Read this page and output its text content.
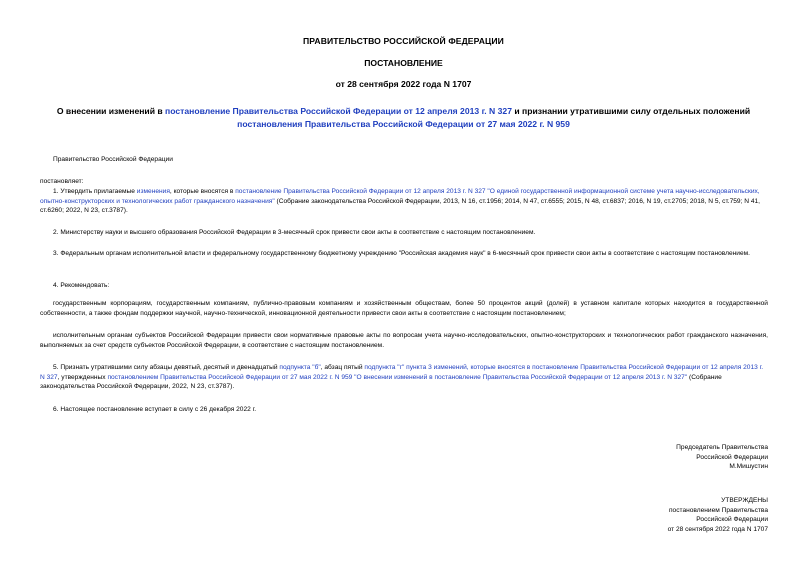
ПРАВИТЕЛЬСТВО РОССИЙСКОЙ ФЕДЕРАЦИИ
ПОСТАНОВЛЕНИЕ
от 28 сентября 2022 года N 1707
О внесении изменений в постановление Правительства Российской Федерации от 12 апреля 2013 г. N 327 и признании утратившими силу отдельных положений постановления Правительства Российской Федерации от 27 мая 2022 г. N 959
Правительство Российской Федерации
постановляет:
1. Утвердить прилагаемые изменения, которые вносятся в постановление Правительства Российской Федерации от 12 апреля 2013 г. N 327 "О единой государственной информационной системе учета научно-исследовательских, опытно-конструкторских и технологических работ гражданского назначения" (Собрание законодательства Российской Федерации, 2013, N 16, ст.1956; 2014, N 47, ст.6555; 2015, N 48, ст.6837; 2016, N 19, ст.2705; 2018, N 5, ст.759; N 41, ст.6260; 2022, N 23, ст.3787).
2. Министерству науки и высшего образования Российской Федерации в 3-месячный срок привести свои акты в соответствие с настоящим постановлением.
3. Федеральным органам исполнительной власти и федеральному государственному бюджетному учреждению "Российская академия наук" в 6-месячный срок привести свои акты в соответствие с настоящим постановлением.
4. Рекомендовать:
государственным корпорациям, государственным компаниям, публично-правовым компаниям и хозяйственным обществам, более 50 процентов акций (долей) в уставном капитале которых находится в государственной собственности, а также фондам поддержки научной, научно-технической, инновационной деятельности привести свои акты в соответствие с настоящим постановлением;
исполнительным органам субъектов Российской Федерации привести свои нормативные правовые акты по вопросам учета научно-исследовательских, опытно-конструкторских и технологических работ гражданского назначения, выполняемых за счет средств субъектов Российской Федерации, в соответствие с настоящим постановлением.
5. Признать утратившими силу абзацы девятый, десятый и двенадцатый подпункта "б", абзац пятый подпункта "г" пункта 3 изменений, которые вносятся в постановление Правительства Российской Федерации от 12 апреля 2013 г. N 327, утвержденных постановлением Правительства Российской Федерации от 27 мая 2022 г. N 959 "О внесении изменений в постановление Правительства Российской Федерации от 12 апреля 2013 г. N 327" (Собрание законодательства Российской Федерации, 2022, N 23, ст.3787).
6. Настоящее постановление вступает в силу с 26 декабря 2022 г.
Председатель Правительства
Российской Федерации
М.Мишустин
УТВЕРЖДЕНЫ
постановлением Правительства
Российской Федерации
от 28 сентября 2022 года N 1707
